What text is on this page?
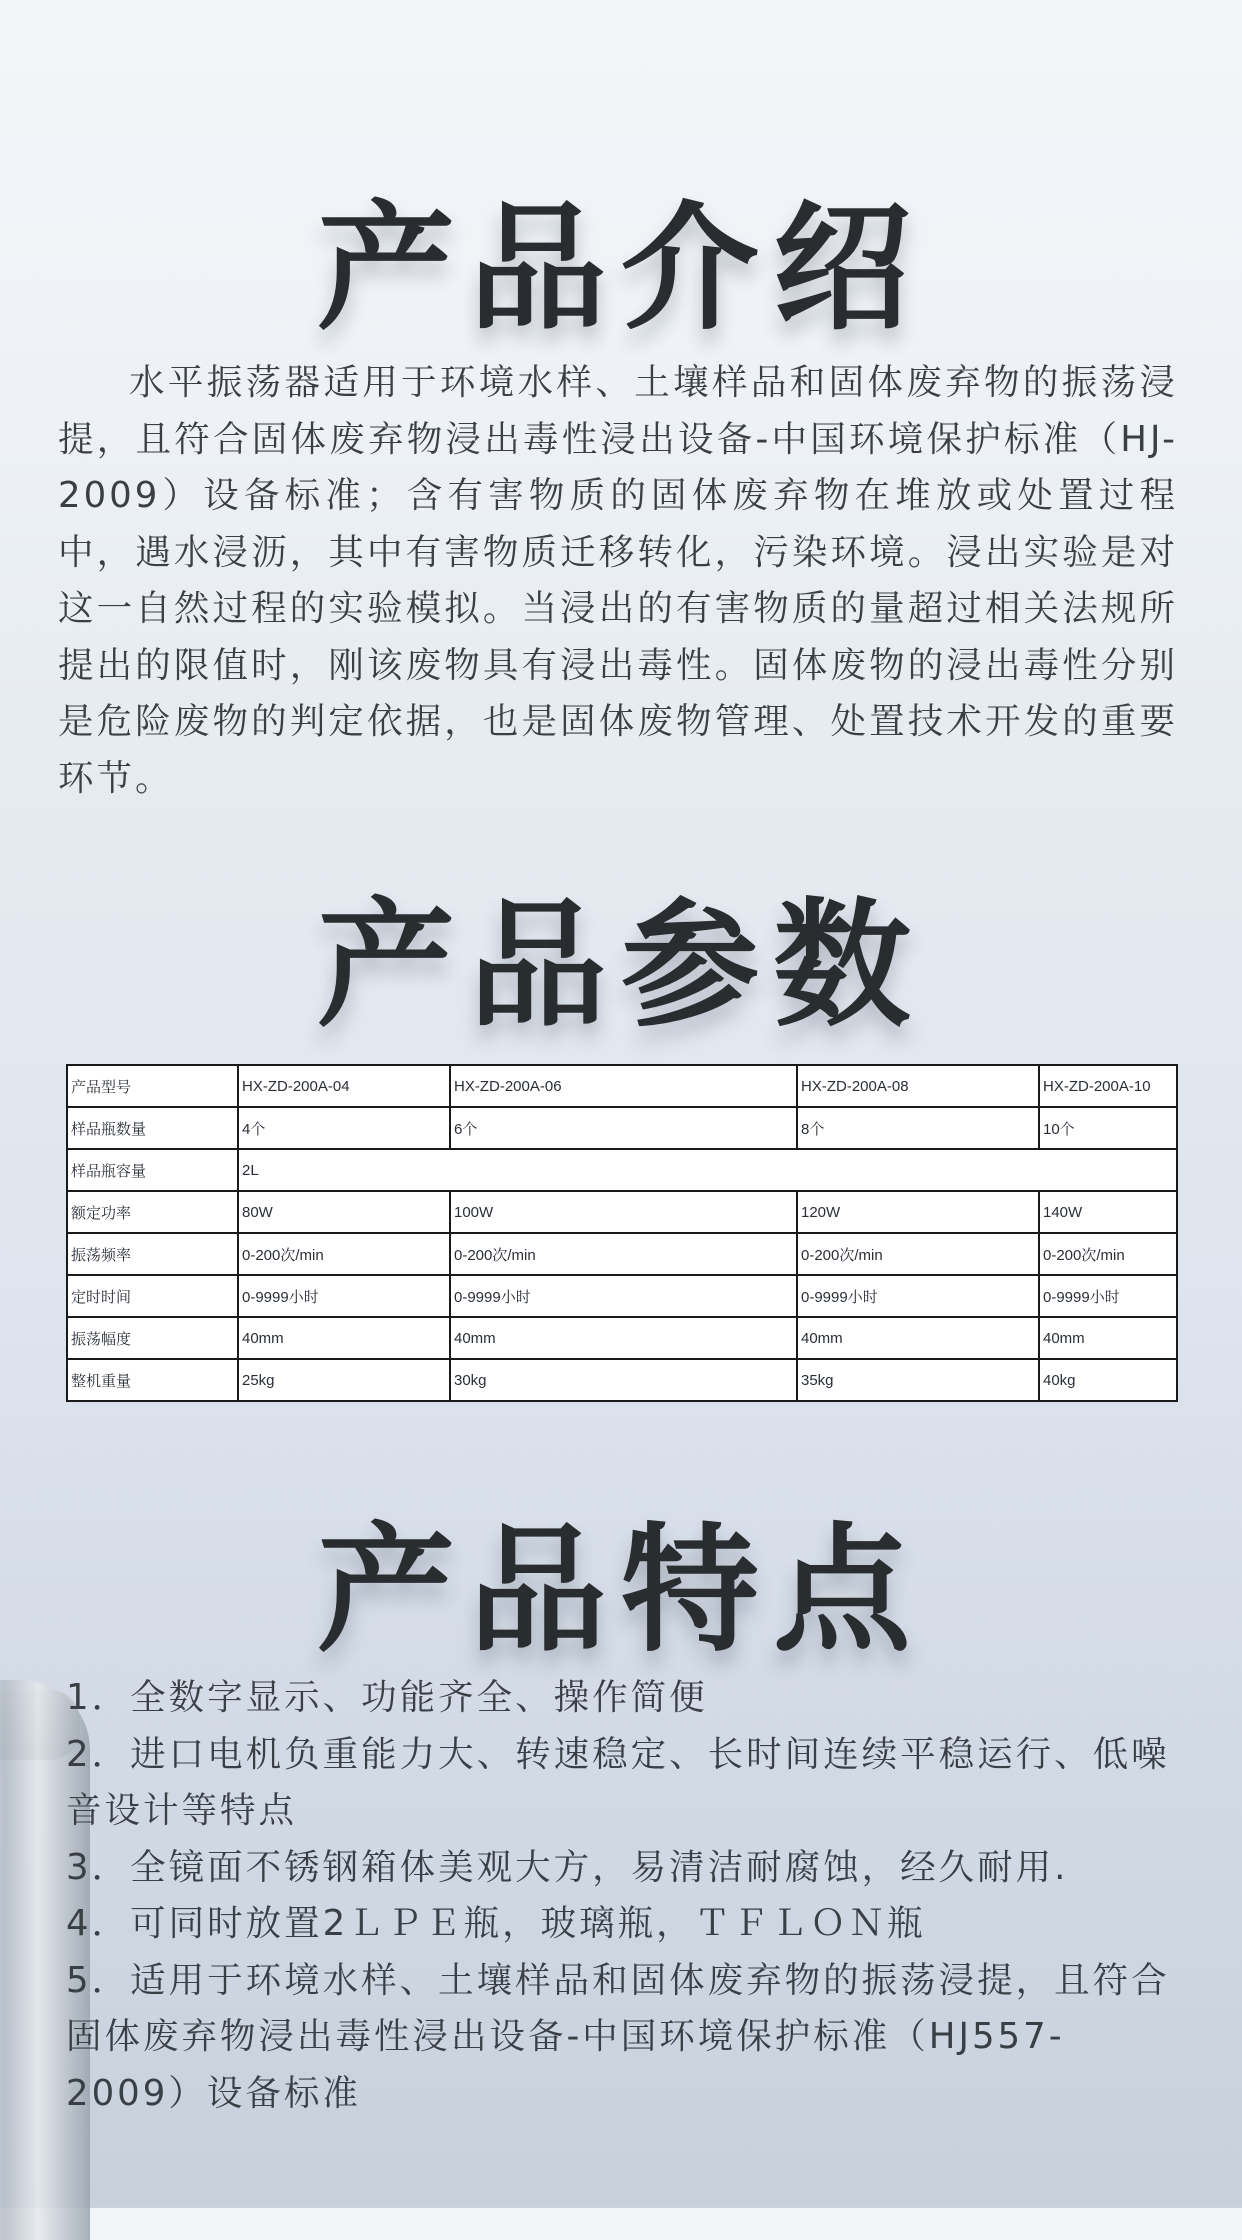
产品介绍

水平振荡器适用于环境水样、土壤样品和固体废弃物的振荡浸提，且符合固体废弃物浸出毒性浸出设备-中国环境保护标准（HJ-2009）设备标准；含有害物质的固体废弃物在堆放或处置过程中，遇水浸沥，其中有害物质迁移转化，污染环境。浸出实验是对这一自然过程的实验模拟。当浸出的有害物质的量超过相关法规所提出的限值时，刚该废物具有浸出毒性。固体废物的浸出毒性分别是危险废物的判定依据，也是固体废物管理、处置技术开发的重要环节。

产品参数
产品型号	HX-ZD-200A-04	HX-ZD-200A-06	HX-ZD-200A-08	HX-ZD-200A-10
样品瓶数量	4个	6个	8个	10个
样品瓶容量	2L			
额定功率	80W	100W	120W	140W
振荡频率	0-200次/min	0-200次/min	0-200次/min	0-200次/min
定时时间	0-9999小时	0-9999小时	0-9999小时	0-9999小时
振荡幅度	40mm	40mm	40mm	40mm
整机重量	25kg	30kg	35kg	40kg
产品特点
1．全数字显示、功能齐全、操作简便
2．进口电机负重能力大、转速稳定、长时间连续平稳运行、低噪音设计等特点
3．全镜面不锈钢箱体美观大方，易清洁耐腐蚀，经久耐用.
4．可同时放置2ＬＰＥ瓶，玻璃瓶，ＴＦＬＯＮ瓶
5．适用于环境水样、土壤样品和固体废弃物的振荡浸提，且符合固体废弃物浸出毒性浸出设备-中国环境保护标准（HJ557-2009）设备标准
